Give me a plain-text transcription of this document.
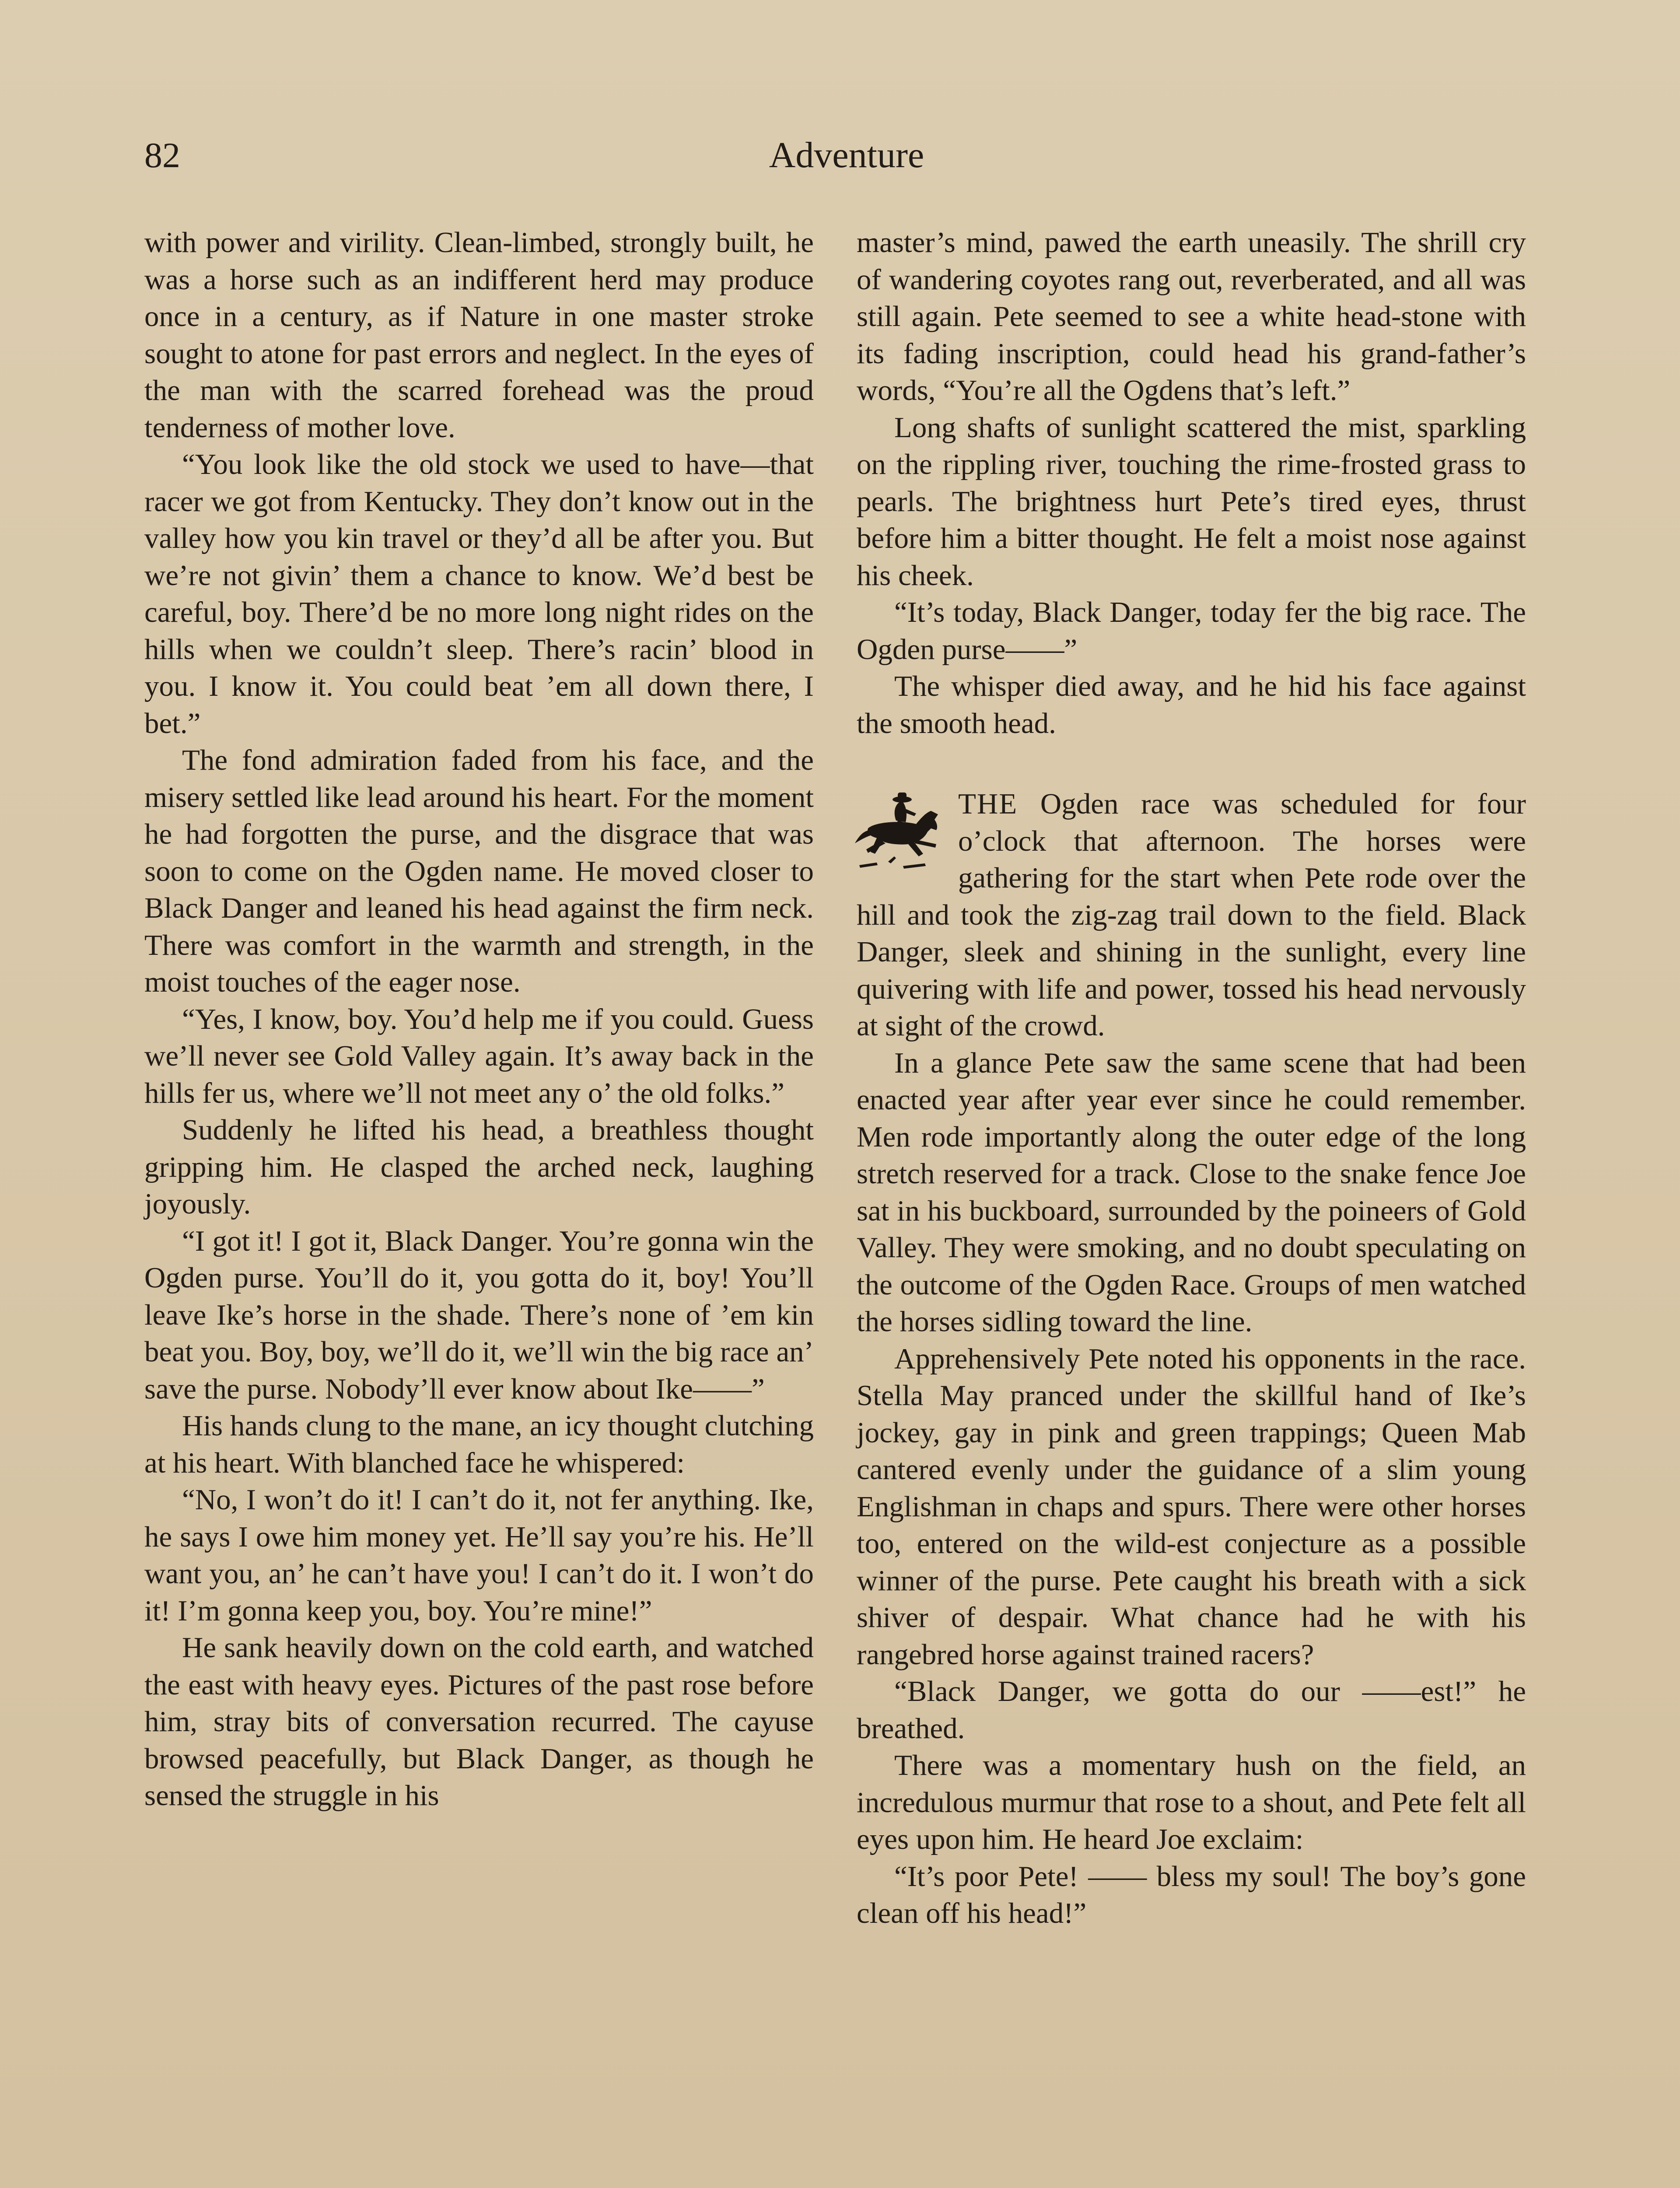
82	Adventure

with power and virility. Clean-limbed, strongly built, he was a horse such as an indifferent herd may produce once in a century, as if Nature in one master stroke sought to atone for past errors and neglect. In the eyes of the man with the scarred forehead was the proud tenderness of mother love.

“You look like the old stock we used to have—that racer we got from Kentucky. They don’t know out in the valley how you kin travel or they’d all be after you. But we’re not givin’ them a chance to know. We’d best be careful, boy. There’d be no more long night rides on the hills when we couldn’t sleep. There’s racin’ blood in you. I know it. You could beat ’em all down there, I bet.”

The fond admiration faded from his face, and the misery settled like lead around his heart. For the moment he had forgotten the purse, and the disgrace that was soon to come on the Ogden name. He moved closer to Black Danger and leaned his head against the firm neck. There was comfort in the warmth and strength, in the moist touches of the eager nose.

“Yes, I know, boy. You’d help me if you could. Guess we’ll never see Gold Valley again. It’s away back in the hills fer us, where we’ll not meet any o’ the old folks.”

Suddenly he lifted his head, a breathless thought gripping him. He clasped the arched neck, laughing joyously.

“I got it! I got it, Black Danger. You’re gonna win the Ogden purse. You’ll do it, you gotta do it, boy! You’ll leave Ike’s horse in the shade. There’s none of ’em kin beat you. Boy, boy, we’ll do it, we’ll win the big race an’ save the purse. Nobody’ll ever know about Ike——”

His hands clung to the mane, an icy thought clutching at his heart. With blanched face he whispered:

“No, I won’t do it! I can’t do it, not fer anything. Ike, he says I owe him money yet. He’ll say you’re his. He’ll want you, an’ he can’t have you! I can’t do it. I won’t do it! I’m gonna keep you, boy. You’re mine!”

He sank heavily down on the cold earth, and watched the east with heavy eyes. Pictures of the past rose before him, stray bits of conversation recurred. The cayuse browsed peacefully, but Black Danger, as though he sensed the struggle in his

master’s mind, pawed the earth uneasily. The shrill cry of wandering coyotes rang out, reverberated, and all was still again. Pete seemed to see a white head-stone with its fading inscription, could head his grand-father’s words, “You’re all the Ogdens that’s left.”

Long shafts of sunlight scattered the mist, sparkling on the rippling river, touching the rime-frosted grass to pearls. The brightness hurt Pete’s tired eyes, thrust before him a bitter thought. He felt a moist nose against his cheek.

“It’s today, Black Danger, today fer the big race. The Ogden purse——”

The whisper died away, and he hid his face against the smooth head.

THE Ogden race was scheduled for four o’clock that afternoon. The horses were gathering for the start when Pete rode over the hill and took the zig-zag trail down to the field. Black Danger, sleek and shining in the sunlight, every line quivering with life and power, tossed his head nervously at sight of the crowd.

In a glance Pete saw the same scene that had been enacted year after year ever since he could remember. Men rode importantly along the outer edge of the long stretch reserved for a track. Close to the snake fence Joe sat in his buckboard, surrounded by the poineers of Gold Valley. They were smoking, and no doubt speculating on the outcome of the Ogden Race. Groups of men watched the horses sidling toward the line.

Apprehensively Pete noted his opponents in the race. Stella May pranced under the skillful hand of Ike’s jockey, gay in pink and green trappings; Queen Mab cantered evenly under the guidance of a slim young Englishman in chaps and spurs. There were other horses too, entered on the wild-est conjecture as a possible winner of the purse. Pete caught his breath with a sick shiver of despair. What chance had he with his rangebred horse against trained racers?

“Black Danger, we gotta do our ——est!” he breathed.

There was a momentary hush on the field, an incredulous murmur that rose to a shout, and Pete felt all eyes upon him. He heard Joe exclaim:

“It’s poor Pete! —— bless my soul! The boy’s gone clean off his head!”
